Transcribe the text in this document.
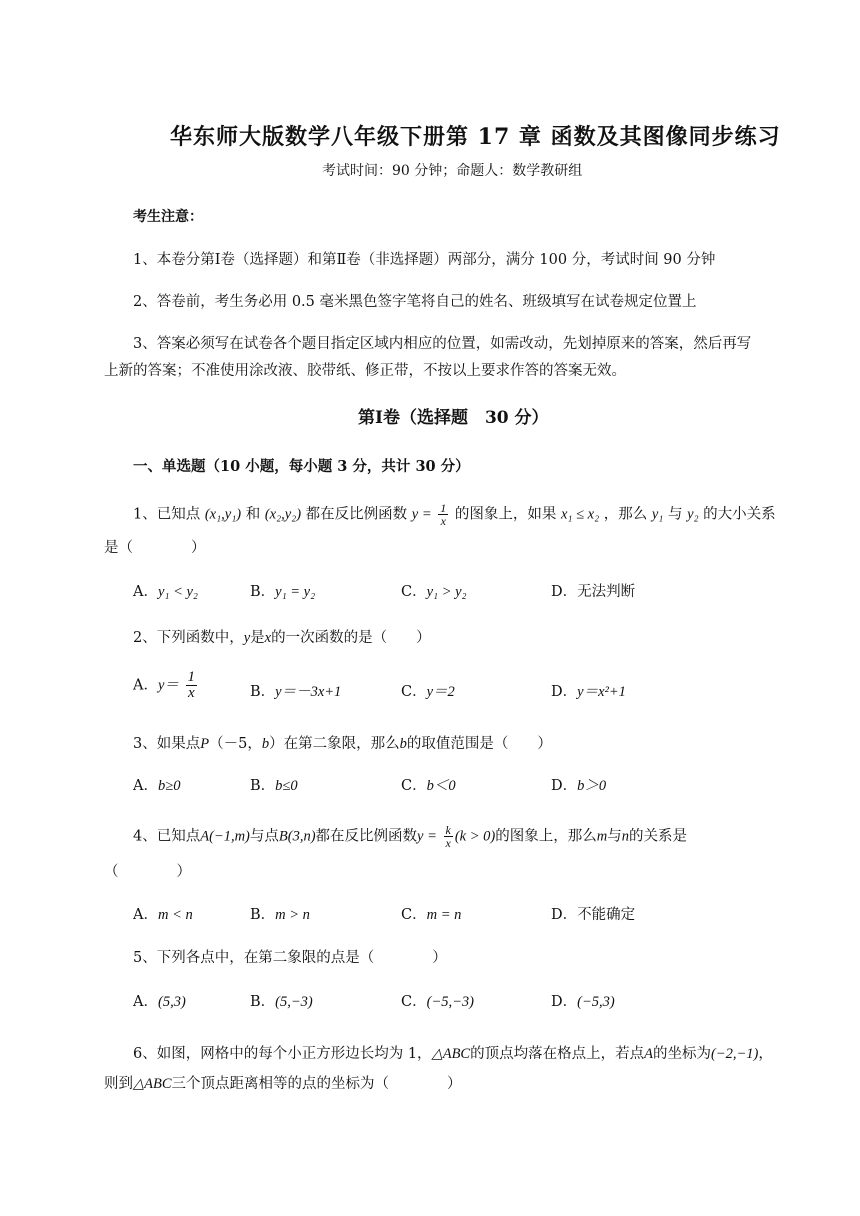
华东师大版数学八年级下册第 17 章 函数及其图像同步练习
考试时间：90 分钟；命题人：数学教研组
考生注意：
1、本卷分第Ⅰ卷（选择题）和第Ⅱ卷（非选择题）两部分，满分 100 分，考试时间 90 分钟
2、答卷前，考生务必用 0.5 毫米黑色签字笔将自己的姓名、班级填写在试卷规定位置上
3、答案必须写在试卷各个题目指定区域内相应的位置，如需改动，先划掉原来的答案，然后再写
上新的答案；不准使用涂改液、胶带纸、修正带，不按以上要求作答的答案无效。
第Ⅰ卷（选择题　30 分）
一、单选题（10 小题，每小题 3 分，共计 30 分）
1、已知点 (x₁,y₁) 和 (x₂,y₂) 都在反比例函数 $y = \frac{1}{x}$ 的图象上，如果 x₁ ≤ x₂ ，那么 y₁ 与 y₂ 的大小关系
是（　　　　）
A．y₁ < y₂	B．y₁ = y₂	C．y₁ > y₂	D．无法判断
2、下列函数中，y是x的一次函数的是（　　）
A．$y= \frac{1}{x}$	B．y＝－3x+1	C．y＝2	D．y＝x²+1
3、如果点P（－5，b）在第二象限，那么b的取值范围是（　　）
A．b≥0	B．b≤0	C．b＜0	D．b＞0
4、已知点A(−1,m)与点B(3,n)都在反比例函数$y = \frac{k}{x} (k > 0)$的图象上，那么m与n的关系是
（　　　　）
A．m < n	B．m > n	C．m = n	D．不能确定
5、下列各点中，在第二象限的点是（　　　　）
A．(5,3)	B．(5,−3)	C．(−5,−3)	D．(−5,3)
6、如图，网格中的每个小正方形边长均为 1，△ABC的顶点均落在格点上，若点A的坐标为(−2,−1)，
则到△ABC三个顶点距离相等的点的坐标为（　　　　）
